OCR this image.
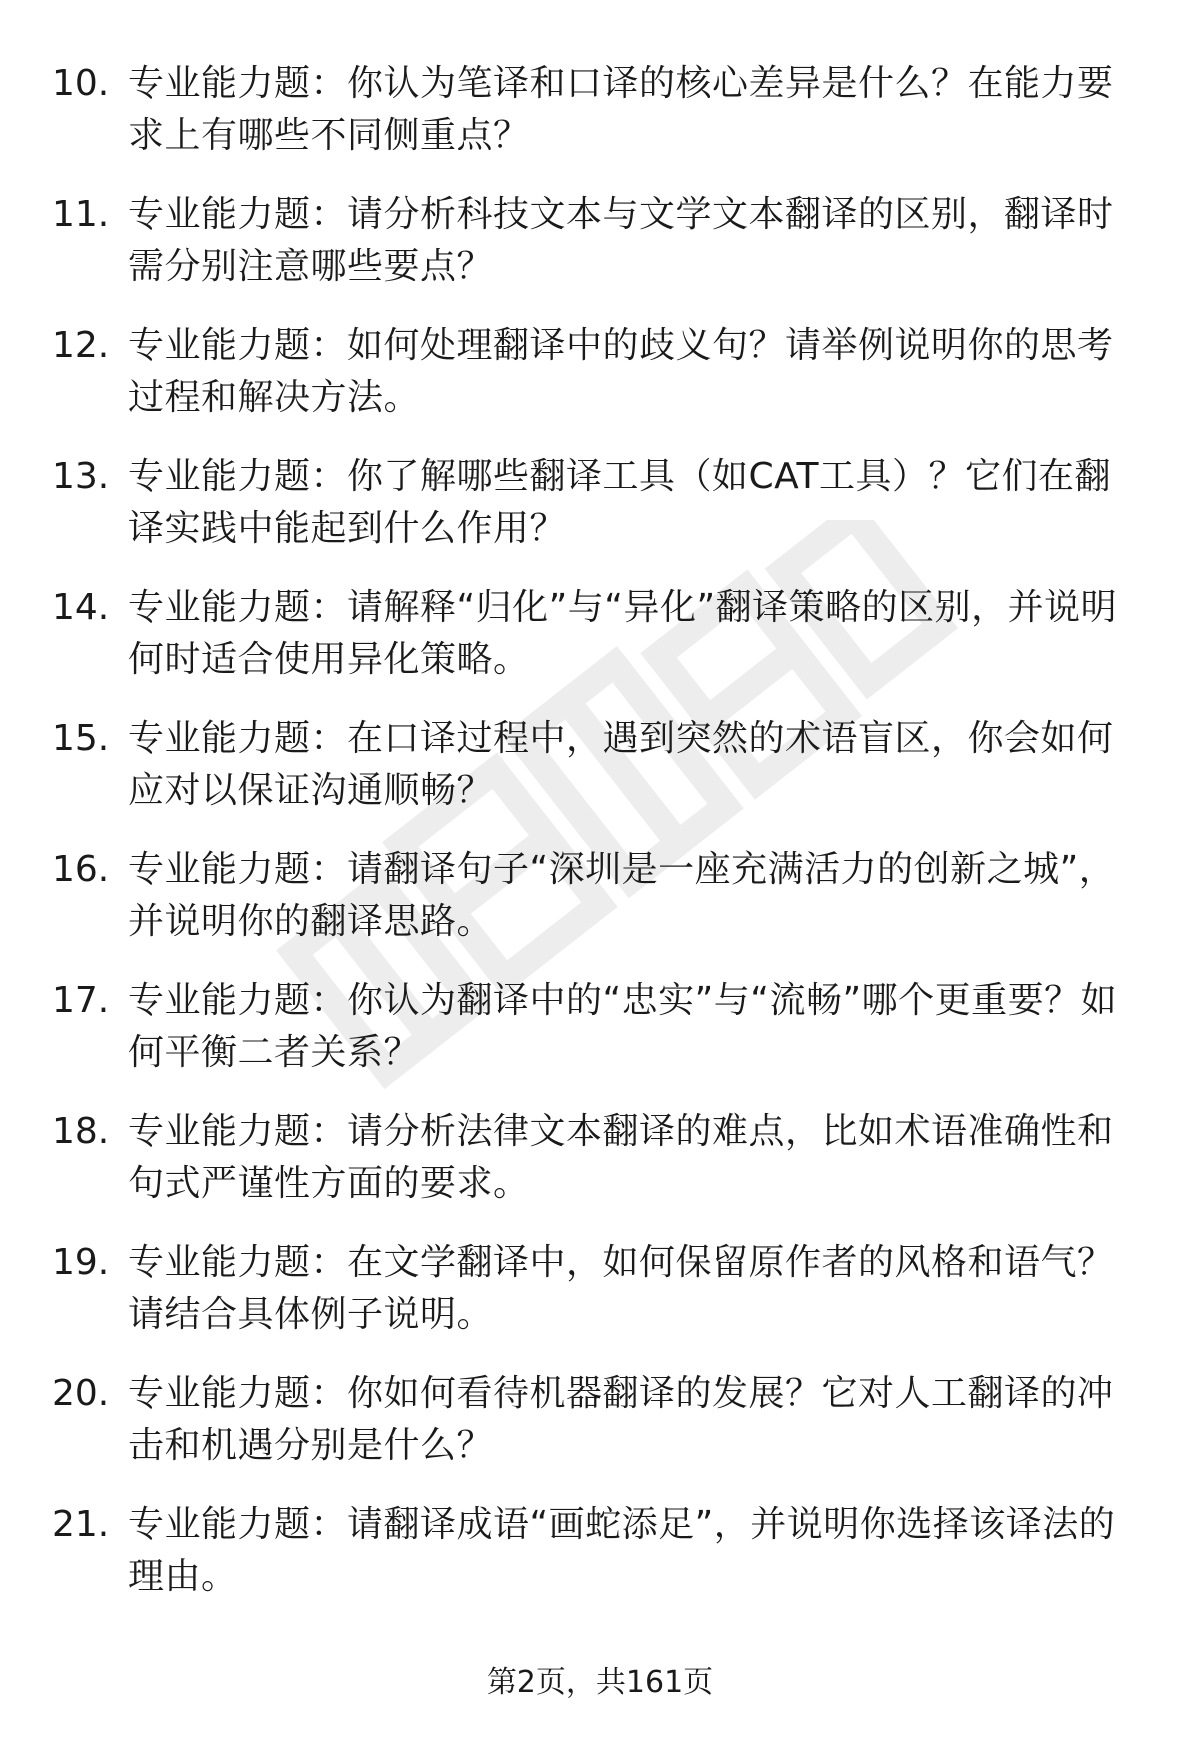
10. 专业能力题：你认为笔译和口译的核心差异是什么？在能力要求上有哪些不同侧重点？
11. 专业能力题：请分析科技文本与文学文本翻译的区别，翻译时需分别注意哪些要点？
12. 专业能力题：如何处理翻译中的歧义句？请举例说明你的思考过程和解决方法。
13. 专业能力题：你了解哪些翻译工具（如CAT工具）？它们在翻译实践中能起到什么作用？
14. 专业能力题：请解释“归化”与“异化”翻译策略的区别，并说明何时适合使用异化策略。
15. 专业能力题：在口译过程中，遇到突然的术语盲区，你会如何应对以保证沟通顺畅？
16. 专业能力题：请翻译句子“深圳是一座充满活力的创新之城”，并说明你的翻译思路。
17. 专业能力题：你认为翻译中的“忠实”与“流畅”哪个更重要？如何平衡二者关系？
18. 专业能力题：请分析法律文本翻译的难点，比如术语准确性和句式严谨性方面的要求。
19. 专业能力题：在文学翻译中，如何保留原作者的风格和语气？请结合具体例子说明。
20. 专业能力题：你如何看待机器翻译的发展？它对人工翻译的冲击和机遇分别是什么？
21. 专业能力题：请翻译成语“画蛇添足”，并说明你选择该译法的理由。
第2页，共161页
